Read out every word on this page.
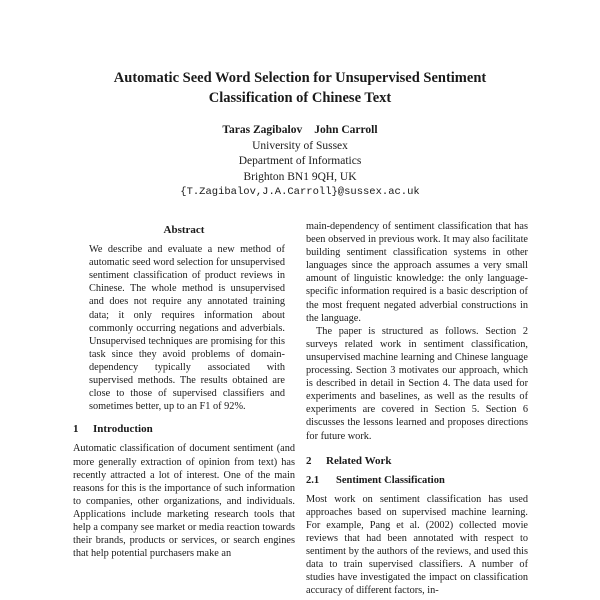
Automatic Seed Word Selection for Unsupervised Sentiment
Classification of Chinese Text
Taras Zagibalov John Carroll
University of Sussex
Department of Informatics
Brighton BN1 9QH, UK
{T.Zagibalov,J.A.Carroll}@sussex.ac.uk
Abstract

We describe and evaluate a new method of automatic seed word selection for unsupervised sentiment classification of product reviews in Chinese. The whole method is unsupervised and does not require any annotated training data; it only requires information about commonly occurring negations and adverbials. Unsupervised techniques are promising for this task since they avoid problems of domain-dependency typically associated with supervised methods. The results obtained are close to those of supervised classifiers and sometimes better, up to an F1 of 92%.

1 Introduction

Automatic classification of document sentiment (and more generally extraction of opinion from text) has recently attracted a lot of interest. One of the main reasons for this is the importance of such information to companies, other organizations, and individuals. Applications include marketing research tools that help a company see market or media reaction towards their brands, products or services, or search engines that help potential purchasers make an

main-dependency of sentiment classification that has been observed in previous work. It may also facilitate building sentiment classification systems in other languages since the approach assumes a very small amount of linguistic knowledge: the only language-specific information required is a basic description of the most frequent negated adverbial constructions in the language.

The paper is structured as follows. Section 2 surveys related work in sentiment classification, unsupervised machine learning and Chinese language processing. Section 3 motivates our approach, which is described in detail in Section 4. The data used for experiments and baselines, as well as the results of experiments are covered in Section 5. Section 6 discusses the lessons learned and proposes directions for future work.

2 Related Work
2.1 Sentiment Classification

Most work on sentiment classification has used approaches based on supervised machine learning. For example, Pang et al. (2002) collected movie reviews that had been annotated with respect to sentiment by the authors of the reviews, and used this data to train supervised classifiers. A number of studies have investigated the impact on classification accuracy of different factors, in-
